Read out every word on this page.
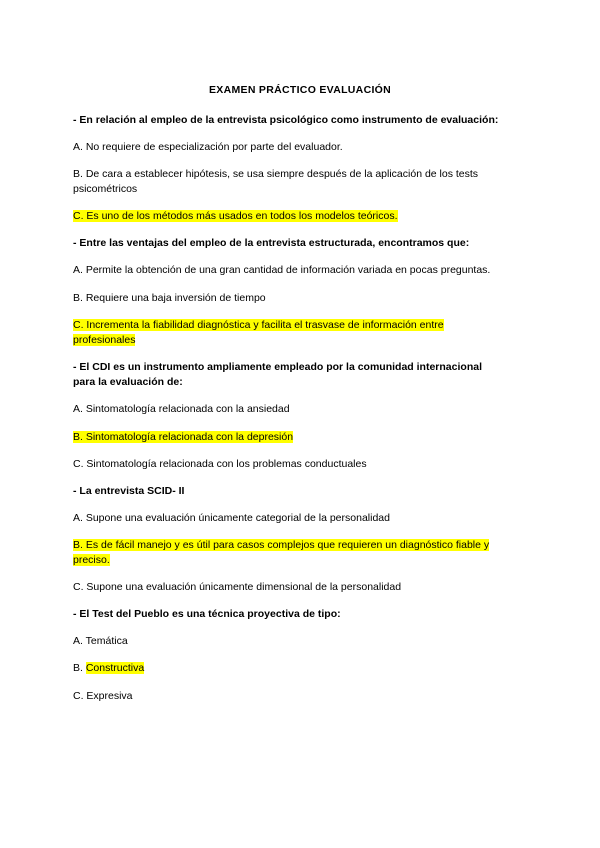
EXAMEN PRÁCTICO EVALUACIÓN
- En relación al empleo de la entrevista psicológico como instrumento de evaluación:
A. No requiere de especialización por parte del evaluador.
B. De cara a establecer hipótesis, se usa siempre después de la aplicación de los tests
psicométricos
C. Es uno de los métodos más usados en todos los modelos teóricos.
- Entre las ventajas del empleo de la entrevista estructurada, encontramos que:
A. Permite la obtención de una gran cantidad de información variada en pocas preguntas.
B. Requiere una baja inversión de tiempo
C. Incrementa la fiabilidad diagnóstica y facilita el trasvase de información entre
profesionales
- El CDI es un instrumento ampliamente empleado por la comunidad internacional
para la evaluación de:
A. Sintomatología relacionada con la ansiedad
B. Sintomatología relacionada con la depresión
C. Sintomatología relacionada con los problemas conductuales
- La entrevista SCID- II
A. Supone una evaluación únicamente categorial de la personalidad
B. Es de fácil manejo y es útil para casos complejos que requieren un diagnóstico fiable y
preciso.
C. Supone una evaluación únicamente dimensional de la personalidad
- El Test del Pueblo es una técnica proyectiva de tipo:
A. Temática
B. Constructiva
C. Expresiva
